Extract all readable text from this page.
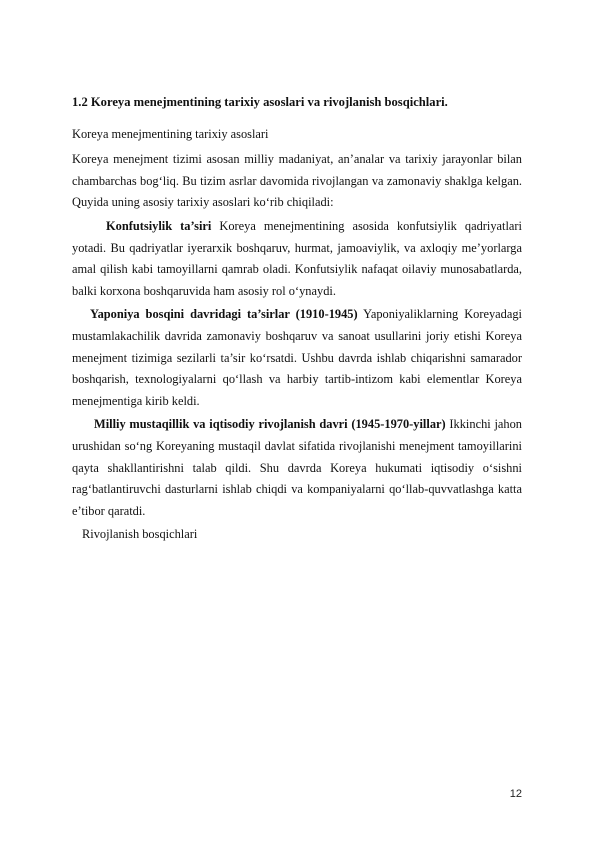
1.2 Koreya menejmentining tarixiy asoslari va rivojlanish bosqichlari.

Koreya menejmentining tarixiy asoslari

Koreya menejment tizimi asosan milliy madaniyat, an’analar va tarixiy jarayonlar bilan chambarchas bog‘liq. Bu tizim asrlar davomida rivojlangan va zamonaviy shaklga kelgan. Quyida uning asosiy tarixiy asoslari ko‘rib chiqiladi:

Konfutsiylik ta’siri Koreya menejmentining asosida konfutsiylik qadriyatlari yotadi. Bu qadriyatlar iyerarxik boshqaruv, hurmat, jamoaviylik, va axloqiy me’yorlarga amal qilish kabi tamoyillarni qamrab oladi. Konfutsiylik nafaqat oilaviy munosabatlarda, balki korxona boshqaruvida ham asosiy rol o‘ynaydi.

Yaponiya bosqini davridagi ta’sirlar (1910-1945) Yaponiyaliklarning Koreyadagi mustamlakachilik davrida zamonaviy boshqaruv va sanoat usullarini joriy etishi Koreya menejment tizimiga sezilarli ta’sir ko‘rsatdi. Ushbu davrda ishlab chiqarishni samarador boshqarish, texnologiyalarni qo‘llash va harbiy tartib-intizom kabi elementlar Koreya menejmentiga kirib keldi.

Milliy mustaqillik va iqtisodiy rivojlanish davri (1945-1970-yillar) Ikkinchi jahon urushidan so‘ng Koreyaning mustaqil davlat sifatida rivojlanishi menejment tamoyillarini qayta shakllantirishni talab qildi. Shu davrda Koreya hukumati iqtisodiy o‘sishni rag‘batlantiruvchi dasturlarni ishlab chiqdi va kompaniyalarni qo‘llab-quvvatlashga katta e’tibor qaratdi.

Rivojlanish bosqichlari

12
